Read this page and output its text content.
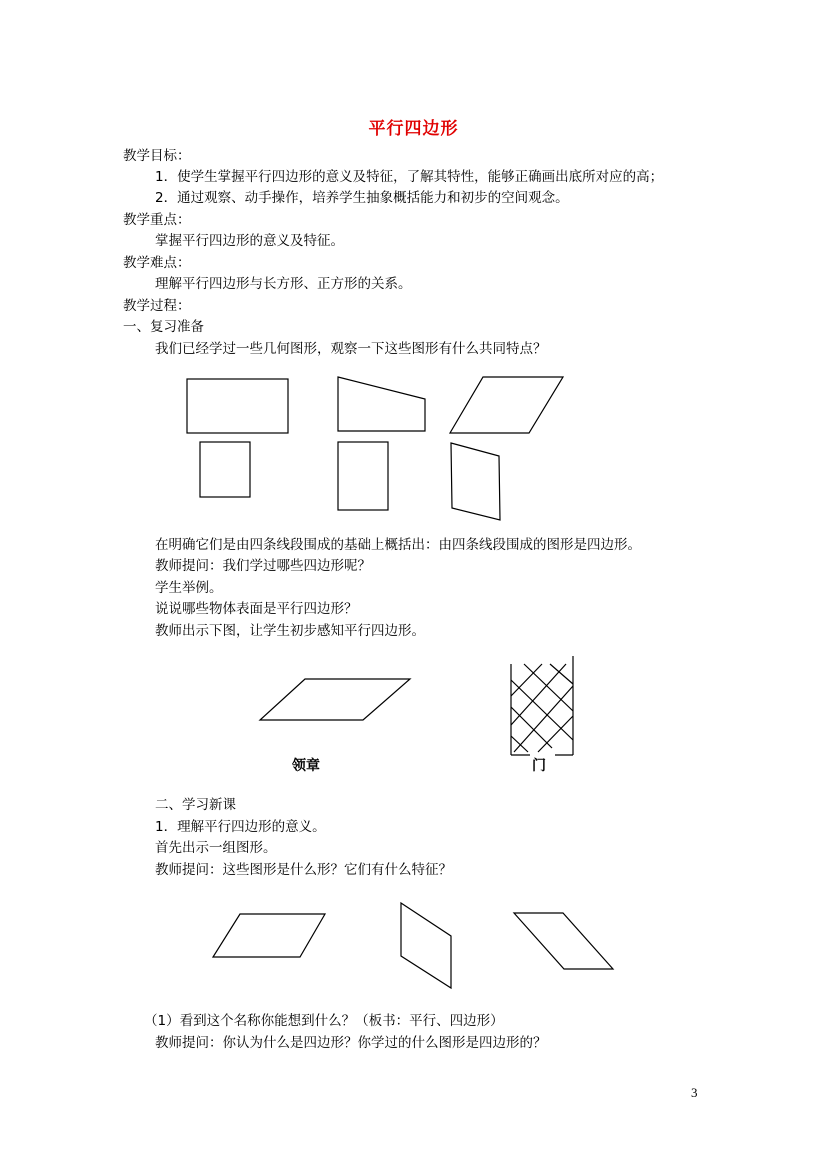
平行四边形
教学目标：
1．使学生掌握平行四边形的意义及特征，了解其特性，能够正确画出底所对应的高；
2．通过观察、动手操作，培养学生抽象概括能力和初步的空间观念。
教学重点：
掌握平行四边形的意义及特征。
教学难点：
理解平行四边形与长方形、正方形的关系。
教学过程：
一、复习准备
我们已经学过一些几何图形，观察一下这些图形有什么共同特点？
在明确它们是由四条线段围成的基础上概括出：由四条线段围成的图形是四边形。
教师提问：我们学过哪些四边形呢？
学生举例。
说说哪些物体表面是平行四边形？
教师出示下图，让学生初步感知平行四边形。
领章	门
二、学习新课
1．理解平行四边形的意义。
首先出示一组图形。
教师提问：这些图形是什么形？它们有什么特征？
（1）看到这个名称你能想到什么？（板书：平行、四边形）
教师提问：你认为什么是四边形？你学过的什么图形是四边形的？
3
